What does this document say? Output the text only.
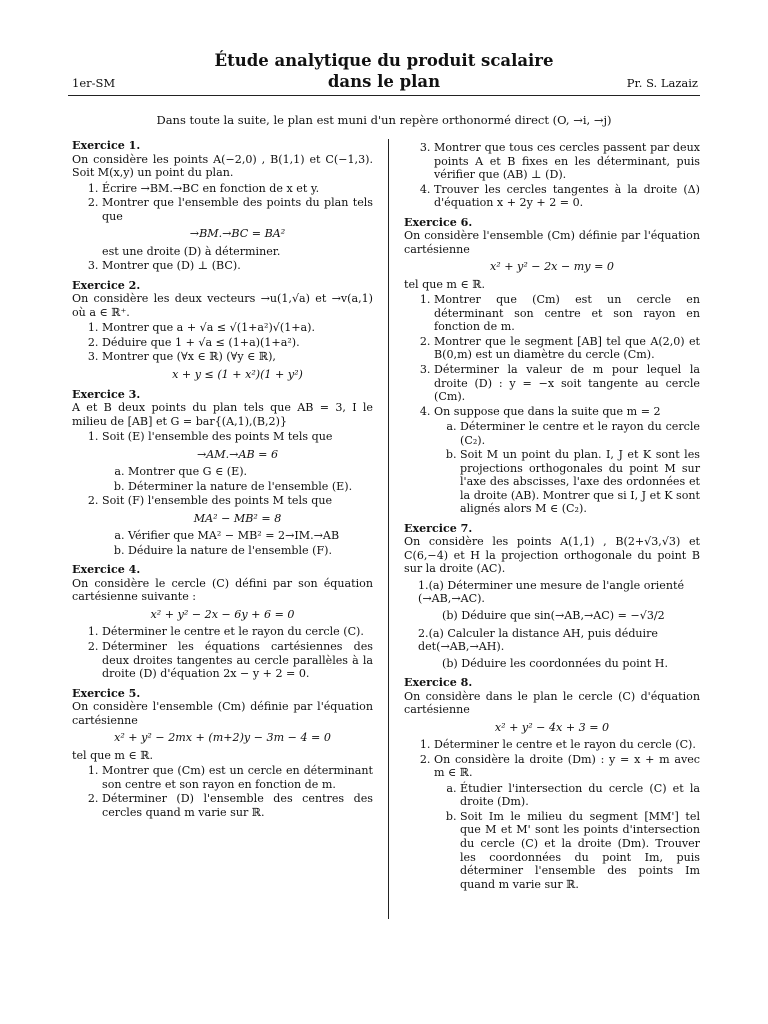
Étude analytique du produit scalaire
dans le plan
1er-SM	Pr. S. Lazaiz
Dans toute la suite, le plan est muni d'un repère orthonormé direct (O, →i, →j)
Exercice 1.

On considère les points A(−2,0) , B(1,1) et C(−1,3). Soit M(x,y) un point du plan.

1. Écrire →BM.→BC en fonction de x et y.
2. Montrer que l'ensemble des points du plan tels que
→BM.→BC = BA²
est une droite (D) à déterminer.
3. Montrer que (D) ⊥ (BC).
Exercice 2.

On considère les deux vecteurs →u(1,√a) et →v(a,1) où a ∈ ℝ⁺.

1. Montrer que a + √a ≤ √(1+a²)√(1+a).
2. Déduire que 1 + √a ≤ (1+a)(1+a²).
3. Montrer que (∀x ∈ ℝ) (∀y ∈ ℝ),
x + y ≤ (1 + x²)(1 + y²)
Exercice 3.

A et B deux points du plan tels que AB = 3, I le milieu de [AB] et G = bar{(A,1),(B,2)}

1. Soit (E) l'ensemble des points M tels que
→AM.→AB = 6
a. Montrer que G ∈ (E).
b. Déterminer la nature de l'ensemble (E).
2. Soit (F) l'ensemble des points M tels que
MA² − MB² = 8
a. Vérifier que MA² − MB² = 2→IM.→AB
b. Déduire la nature de l'ensemble (F).
Exercice 4.

On considère le cercle (C) défini par son équation cartésienne suivante :

x² + y² − 2x − 6y + 6 = 0
1. Déterminer le centre et le rayon du cercle (C).
2. Déterminer les équations cartésiennes des deux droites tangentes au cercle parallèles à la droite (D) d'équation 2x − y + 2 = 0.
Exercice 5.

On considère l'ensemble (Cm) définie par l'équation cartésienne

x² + y² − 2mx + (m+2)y − 3m − 4 = 0

tel que m ∈ ℝ.

1. Montrer que (Cm) est un cercle en déterminant son centre et son rayon en fonction de m.
2. Déterminer (D) l'ensemble des centres des cercles quand m varie sur ℝ.
3. Montrer que tous ces cercles passent par deux points A et B fixes en les déterminant, puis vérifier que (AB) ⊥ (D).
4. Trouver les cercles tangentes à la droite (Δ) d'équation x + 2y + 2 = 0.
Exercice 6.

On considère l'ensemble (Cm) définie par l'équation cartésienne

x² + y² − 2x − my = 0

tel que m ∈ ℝ.

1. Montrer que (Cm) est un cercle en déterminant son centre et son rayon en fonction de m.
2. Montrer que le segment [AB] tel que A(2,0) et B(0,m) est un diamètre du cercle (Cm).
3. Déterminer la valeur de m pour lequel la droite (D) : y = −x soit tangente au cercle (Cm).
4. On suppose que dans la suite que m = 2
a. Déterminer le centre et le rayon du cercle (C₂).
b. Soit M un point du plan. I, J et K sont les projections orthogonales du point M sur l'axe des abscisses, l'axe des ordonnées et la droite (AB). Montrer que si I, J et K sont alignés alors M ∈ (C₂).
Exercice 7.

On considère les points A(1,1) , B(2+√3,√3) et C(6,−4) et H la projection orthogonale du point B sur la droite (AC).

1.(a) Déterminer une mesure de l'angle orienté (→AB,→AC).
(b) Déduire que sin(→AB,→AC) = −√3/2
2.(a) Calculer la distance AH, puis déduire det(→AB,→AH).
(b) Déduire les coordonnées du point H.
Exercice 8.

On considère dans le plan le cercle (C) d'équation cartésienne

x² + y² − 4x + 3 = 0
1. Déterminer le centre et le rayon du cercle (C).
2. On considère la droite (Dm) : y = x + m avec m ∈ ℝ.
a. Étudier l'intersection du cercle (C) et la droite (Dm).
b. Soit Im le milieu du segment [MM'] tel que M et M' sont les points d'intersection du cercle (C) et la droite (Dm). Trouver les coordonnées du point Im, puis déterminer l'ensemble des points Im quand m varie sur ℝ.
